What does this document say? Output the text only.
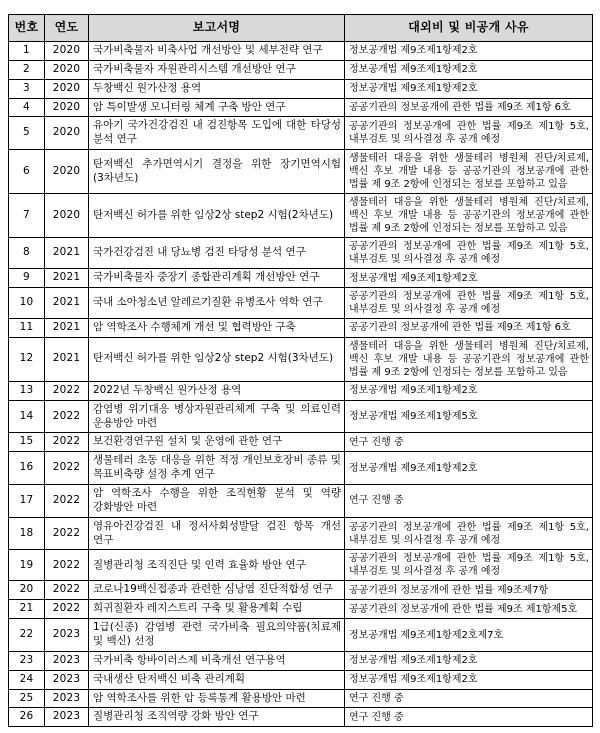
번호	연도	보고서명	대외비 및 비공개 사유
1	2020	국가비축물자 비축사업 개선방안 및 세부전략 연구	정보공개법 제9조제1항제2호
2	2020	국가비축물자 자원관리시스템 개선방안 연구	정보공개법 제9조제1항제2호
3	2020	두창백신 원가산정 용역	정보공개법 제9조제1항제2호
4	2020	암 특이발생 모니터링 체계 구축 방안 연구	공공기관의 정보공개에 관한 법률 제9조 제1항 6호
5	2020	유아기 국가건강검진 내 검진항목 도입에 대한 타당성 분석 연구	공공기관의 정보공개에 관한 법률 제9조 제1항 5호, 내부검토 및 의사결정 후 공개 예정
6	2020	탄저백신 추가면역시기 결정을 위한 장기면역시험(3차년도)	생물테러 대응을 위한 생물테러 병원체 진단/치료제, 백신 후보 개발 내용 등 공공기관의 정보공개에 관한 법률 제 9조 2항에 인정되는 정보를 포함하고 있음
7	2020	탄저백신 허가를 위한 임상2상 step2 시험(2차년도)	생물테러 대응을 위한 생물테러 병원체 진단/치료제, 백신 후보 개발 내용 등 공공기관의 정보공개에 관한 법률 제 9조 2항에 인정되는 정보를 포함하고 있음
8	2021	국가건강검진 내 당뇨병 검진 타당성 분석 연구	공공기관의 정보공개에 관한 법률 제9조 제1항 5호, 내부검토 및 의사결정 후 공개 예정
9	2021	국가비축물자 중장기 종합관리계획 개선방안 연구	정보공개법 제9조제1항제2호
10	2021	국내 소아청소년 알레르기질환 유병조사 역학 연구	공공기관의 정보공개에 관한 법률 제9조 제1항 5호, 내부검토 및 의사결정 후 공개 예정
11	2021	암 역학조사 수행체계 개선 및 협력방안 구축	공공기관의 정보공개에 관한 법률 제9조 제1항 6호
12	2021	탄저백신 허가를 위한 임상2상 step2 시험(3차년도)	생물테러 대응을 위한 생물테러 병원체 진단/치료제, 백신 후보 개발 내용 등 공공기관의 정보공개에 관한 법률 제 9조 2항에 인정되는 정보를 포함하고 있음
13	2022	2022년 두창백신 원가산정 용역	정보공개법 제9조제1항제2호
14	2022	감염병 위기대응 병상자원관리체계 구축 및 의료인력 운용방안 마련	정보공개법 제9조제1항제5호
15	2022	보건환경연구원 설치 및 운영에 관한 연구	연구 진행 중
16	2022	생물테러 초동 대응을 위한 적정 개인보호장비 종류 및 목표비축량 설정 추계 연구	정보공개법 제9조제1항제2호
17	2022	암 역학조사 수행을 위한 조직현황 분석 및 역량 강화방안 마련	연구 진행 중
18	2022	영유아건강검진 내 정서사회성발달 검진 항목 개선 연구	공공기관의 정보공개에 관한 법률 제9조 제1항 5호, 내부검토 및 의사결정 후 공개 예정
19	2022	질병관리청 조직진단 및 인력 효율화 방안 연구	공공기관의 정보공개에 관한 법률 제9조 제1항 5호, 내부검토 및 의사결정 후 공개 예정
20	2022	코로나19백신접종과 관련한 심낭염 진단적합성 연구	공공기관의 정보공개에 관한 법률 제9조제7항
21	2022	희귀질환자 레지스트리 구축 및 활용계획 수립	공공기관의 정보공개에 관한 법률 제9조 제1항제5호
22	2023	1급(신종) 감염병 관련 국가비축 필요의약품(치료제 및 백신) 선정	정보공개법 제9조제1항제2호제7호
23	2023	국가비축 항바이러스제 비축개선 연구용역	정보공개법 제9조제1항제2호
24	2023	국내생산 탄저백신 비축 관리계획	정보공개법 제9조제1항제2호
25	2023	암 역학조사를 위한 암 등록통계 활용방안 마련	연구 진행 중
26	2023	질병관리청 조직역량 강화 방안 연구	연구 진행 중
